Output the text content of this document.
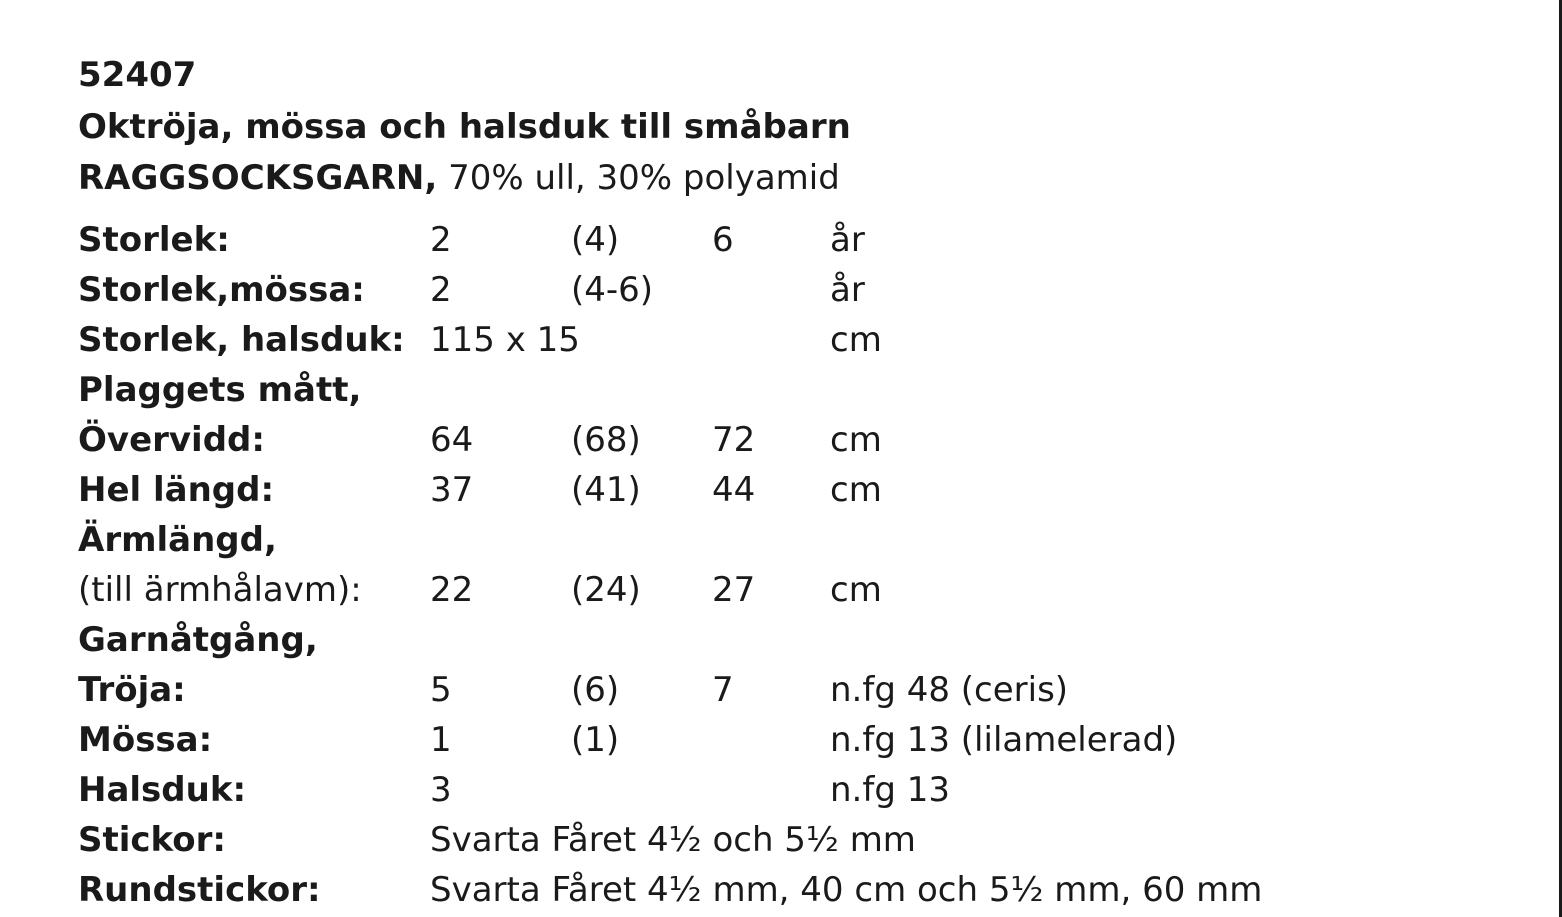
52407
Oktröja, mössa och halsduk till småbarn
RAGGSOCKSGARN, 70% ull, 30% polyamid
Storlek:	2	(4)	6	år
Storlek,mössa: 2	(4-6)	år
Storlek, halsduk: 115 x 15	cm
Plaggets mått,
Övervidd:	64	(68) 72 cm
Hel längd:	37	(41) 44 cm
Ärmlängd,
(till ärmhålavm): 22	(24) 27 cm
Garnåtgång,
Tröja:	5	(6)	7	n.fg 48 (ceris)
Mössa:	1	(1)	n.fg 13 (lilamelerad)
Halsduk:	3	n.fg 13
Stickor:	Svarta Fåret 4½ och 5½ mm
Rundstickor:	Svarta Fåret 4½ mm, 40 cm och 5½ mm, 60 mm
